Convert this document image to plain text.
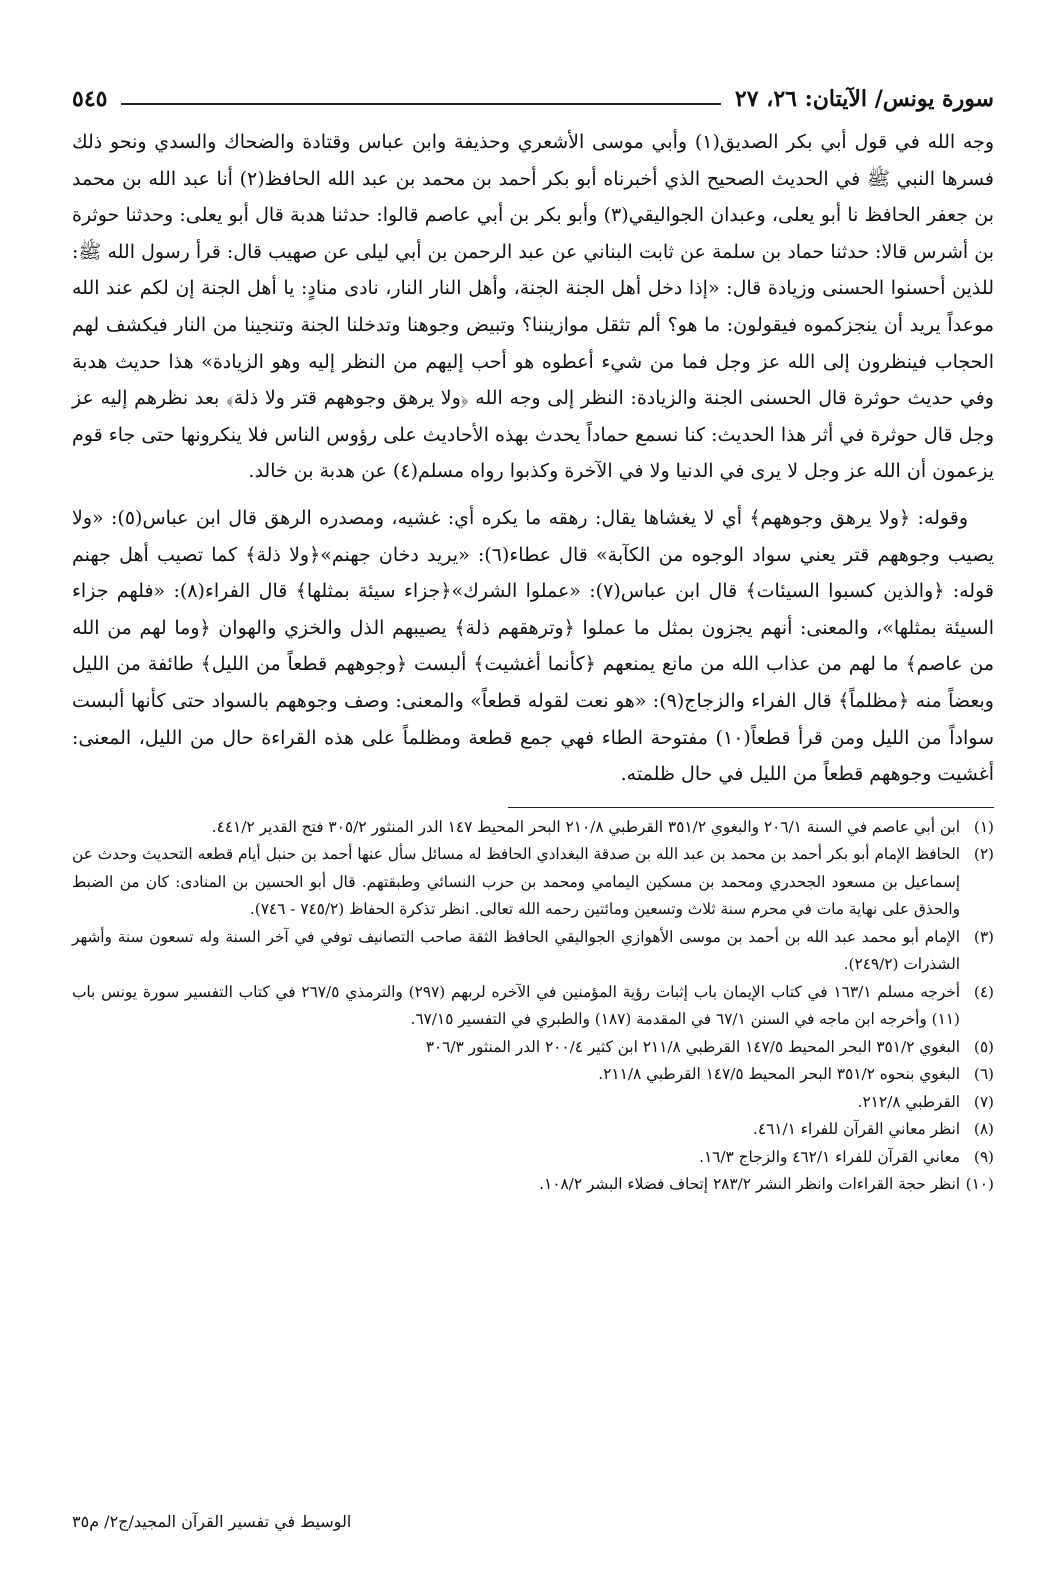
سورة يونس/ الآيتان: ٢٦، ٢٧
٥٤٥

وجه الله في قول أبي بكر الصديق(١) وأبي موسى الأشعري وحذيفة وابن عباس وقتادة والضحاك والسدي ونحو ذلك فسرها النبي ﷺ في الحديث الصحيح الذي أخبرناه أبو بكر أحمد بن محمد بن عبد الله الحافظ(٢) أنا عبد الله بن محمد بن جعفر الحافظ نا أبو يعلى، وعبدان الجواليقي(٣) وأبو بكر بن أبي عاصم قالوا: حدثنا هدبة قال أبو يعلى: وحدثنا حوثرة بن أشرس قالا: حدثنا حماد بن سلمة عن ثابت البناني عن عبد الرحمن بن أبي ليلى عن صهيب قال: قرأ رسول الله ﷺ: للذين أحسنوا الحسنى وزيادة قال: «إذا دخل أهل الجنة الجنة، وأهل النار النار، نادى منادٍ: يا أهل الجنة إن لكم عند الله موعداً يريد أن ينجزكموه فيقولون: ما هو؟ ألم تثقل موازيننا؟ وتبيض وجوهنا وتدخلنا الجنة وتنجينا من النار فيكشف لهم الحجاب فينظرون إلى الله عز وجل فما من شيء أعطوه هو أحب إليهم من النظر إليه وهو الزيادة» هذا حديث هدبة وفي حديث حوثرة قال الحسنى الجنة والزيادة: النظر إلى وجه الله ﴿ولا يرهق وجوههم قتر ولا ذلة﴾ بعد نظرهم إليه عز وجل قال حوثرة في أثر هذا الحديث: كنا نسمع حماداً يحدث بهذه الأحاديث على رؤوس الناس فلا ينكرونها حتى جاء قوم يزعمون أن الله عز وجل لا يرى في الدنيا ولا في الآخرة وكذبوا رواه مسلم(٤) عن هدبة بن خالد.

وقوله: ﴿ولا يرهق وجوههم﴾ أي لا يغشاها يقال: رهقه ما يكره أي: غشيه، ومصدره الرهق قال ابن عباس(٥): «ولا يصيب وجوههم قتر يعني سواد الوجوه من الكآبة» قال عطاء(٦): «يريد دخان جهنم»﴿ولا ذلة﴾ كما تصيب أهل جهنم قوله: ﴿والذين كسبوا السيئات﴾ قال ابن عباس(٧): «عملوا الشرك»﴿جزاء سيئة بمثلها﴾ قال الفراء(٨): «فلهم جزاء السيئة بمثلها»، والمعنى: أنهم يجزون بمثل ما عملوا ﴿وترهقهم ذلة﴾ يصيبهم الذل والخزي والهوان ﴿وما لهم من الله من عاصم﴾ ما لهم من عذاب الله من مانع يمنعهم ﴿كأنما أغشيت﴾ ألبست ﴿وجوههم قطعاً من الليل﴾ طائفة من الليل وبعضاً منه ﴿مظلماً﴾ قال الفراء والزجاج(٩): «هو نعت لقوله قطعاً» والمعنى: وصف وجوههم بالسواد حتى كأنها ألبست سواداً من الليل ومن قرأ قطعاً(١٠) مفتوحة الطاء فهي جمع قطعة ومظلماً على هذه القراءة حال من الليل، المعنى: أغشيت وجوههم قطعاً من الليل في حال ظلمته.

(١)
ابن أبي عاصم في السنة ٢٠٦/١ والبغوي ٣٥١/٢ القرطبي ٢١٠/٨ البحر المحيط ١٤٧ الدر المنثور ٣٠٥/٢ فتح القدير ٤٤١/٢.
(٢)
الحافظ الإمام أبو بكر أحمد بن محمد بن عبد الله بن صدقة البغدادي الحافظ له مسائل سأل عنها أحمد بن حنبل أيام قطعه التحديث وحدث عن إسماعيل بن مسعود الجحدري ومحمد بن مسكين اليمامي ومحمد بن حرب النسائي وطبقتهم. قال أبو الحسين بن المنادى: كان من الضبط والحذق على نهاية مات في محرم سنة ثلاث وتسعين ومائتين رحمه الله تعالى. انظر تذكرة الحفاظ (٧٤٥/٢ - ٧٤٦).
(٣)
الإمام أبو محمد عبد الله بن أحمد بن موسى الأهوازي الجواليقي الحافظ الثقة صاحب التصانيف توفي في آخر السنة وله تسعون سنة وأشهر الشذرات (٢٤٩/٢).
(٤)
أخرجه مسلم ١٦٣/١ في كتاب الإيمان باب إثبات رؤية المؤمنين في الآخره لربهم (٢٩٧) والترمذي ٢٦٧/٥ في كتاب التفسير سورة يونس باب (١١) وأخرجه ابن ماجه في السنن ٦٧/١ في المقدمة (١٨٧) والطبري في التفسير ٦٧/١٥.
(٥)
البغوي ٣٥١/٢ البحر المحيط ١٤٧/٥ القرطبي ٢١١/٨ ابن كثير ٢٠٠/٤ الدر المنثور ٣٠٦/٣
(٦)
البغوي بنحوه ٣٥١/٢ البحر المحيط ١٤٧/٥ القرطبي ٢١١/٨.
(٧)
القرطبي ٢١٢/٨.
(٨)
انظر معاني القرآن للفراء ٤٦١/١.
(٩)
معاني القرآن للفراء ٤٦٢/١ والزجاج ١٦/٣.
(١٠)
انظر حجة القراءات وانظر النشر ٢٨٣/٢ إتحاف فضلاء البشر ١٠٨/٢.
الوسيط في تفسير القرآن المجيد/ج٢/ م٣٥
